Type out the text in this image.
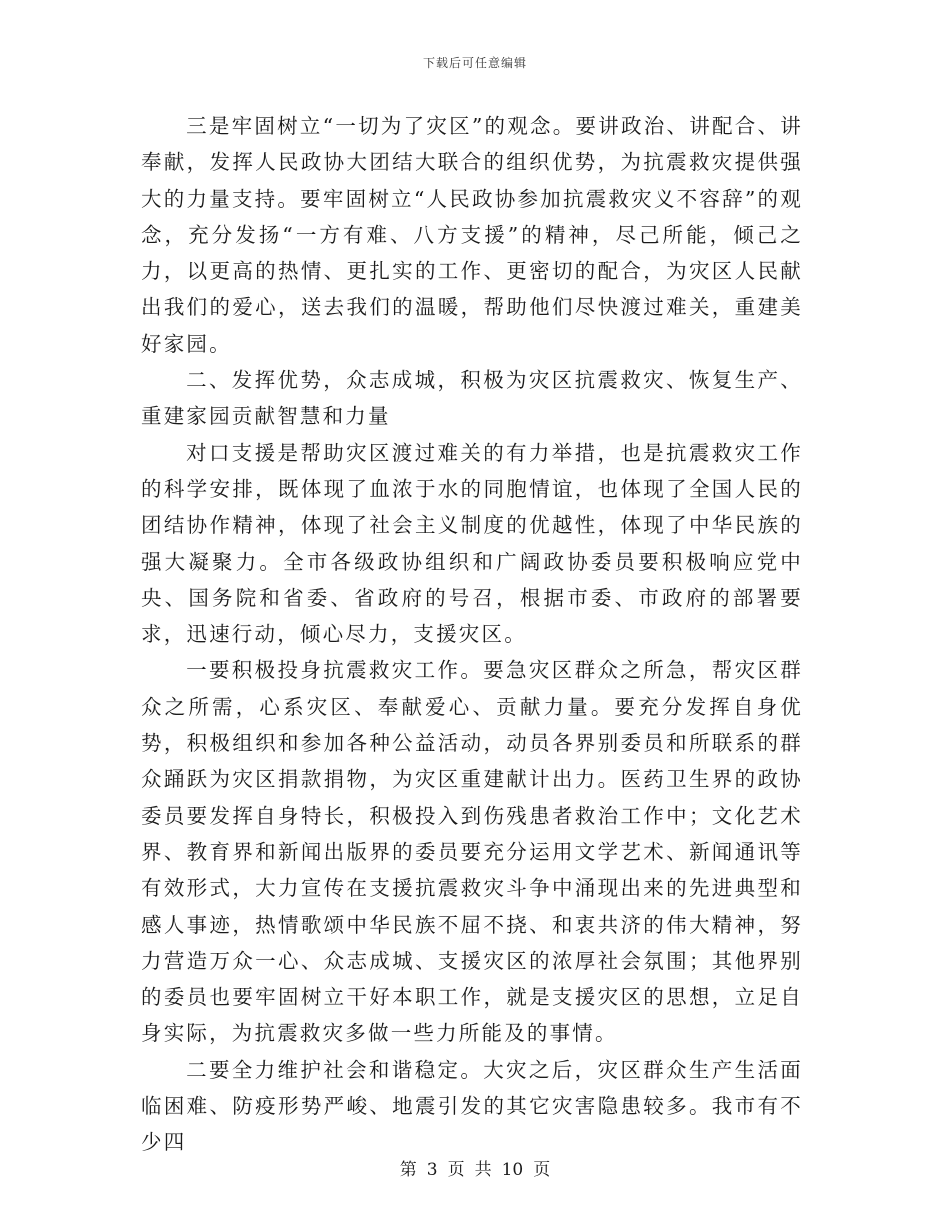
下载后可任意编辑

三是牢固树立“一切为了灾区”的观念。要讲政治、讲配合、讲奉献，发挥人民政协大团结大联合的组织优势，为抗震救灾提供强大的力量支持。要牢固树立“人民政协参加抗震救灾义不容辞”的观念，充分发扬“一方有难、八方支援”的精神，尽己所能，倾己之力，以更高的热情、更扎实的工作、更密切的配合，为灾区人民献出我们的爱心，送去我们的温暖，帮助他们尽快渡过难关，重建美好家园。

二、发挥优势，众志成城，积极为灾区抗震救灾、恢复生产、重建家园贡献智慧和力量

对口支援是帮助灾区渡过难关的有力举措，也是抗震救灾工作的科学安排，既体现了血浓于水的同胞情谊，也体现了全国人民的团结协作精神，体现了社会主义制度的优越性，体现了中华民族的强大凝聚力。全市各级政协组织和广阔政协委员要积极响应党中央、国务院和省委、省政府的号召，根据市委、市政府的部署要求，迅速行动，倾心尽力，支援灾区。

一要积极投身抗震救灾工作。要急灾区群众之所急，帮灾区群众之所需，心系灾区、奉献爱心、贡献力量。要充分发挥自身优势，积极组织和参加各种公益活动，动员各界别委员和所联系的群众踊跃为灾区捐款捐物，为灾区重建献计出力。医药卫生界的政协委员要发挥自身特长，积极投入到伤残患者救治工作中；文化艺术界、教育界和新闻出版界的委员要充分运用文学艺术、新闻通讯等有效形式，大力宣传在支援抗震救灾斗争中涌现出来的先进典型和感人事迹，热情歌颂中华民族不屈不挠、和衷共济的伟大精神，努力营造万众一心、众志成城、支援灾区的浓厚社会氛围；其他界别的委员也要牢固树立干好本职工作，就是支援灾区的思想，立足自身实际，为抗震救灾多做一些力所能及的事情。

二要全力维护社会和谐稳定。大灾之后，灾区群众生产生活面临困难、防疫形势严峻、地震引发的其它灾害隐患较多。我市有不少四

第 3 页 共 10 页
